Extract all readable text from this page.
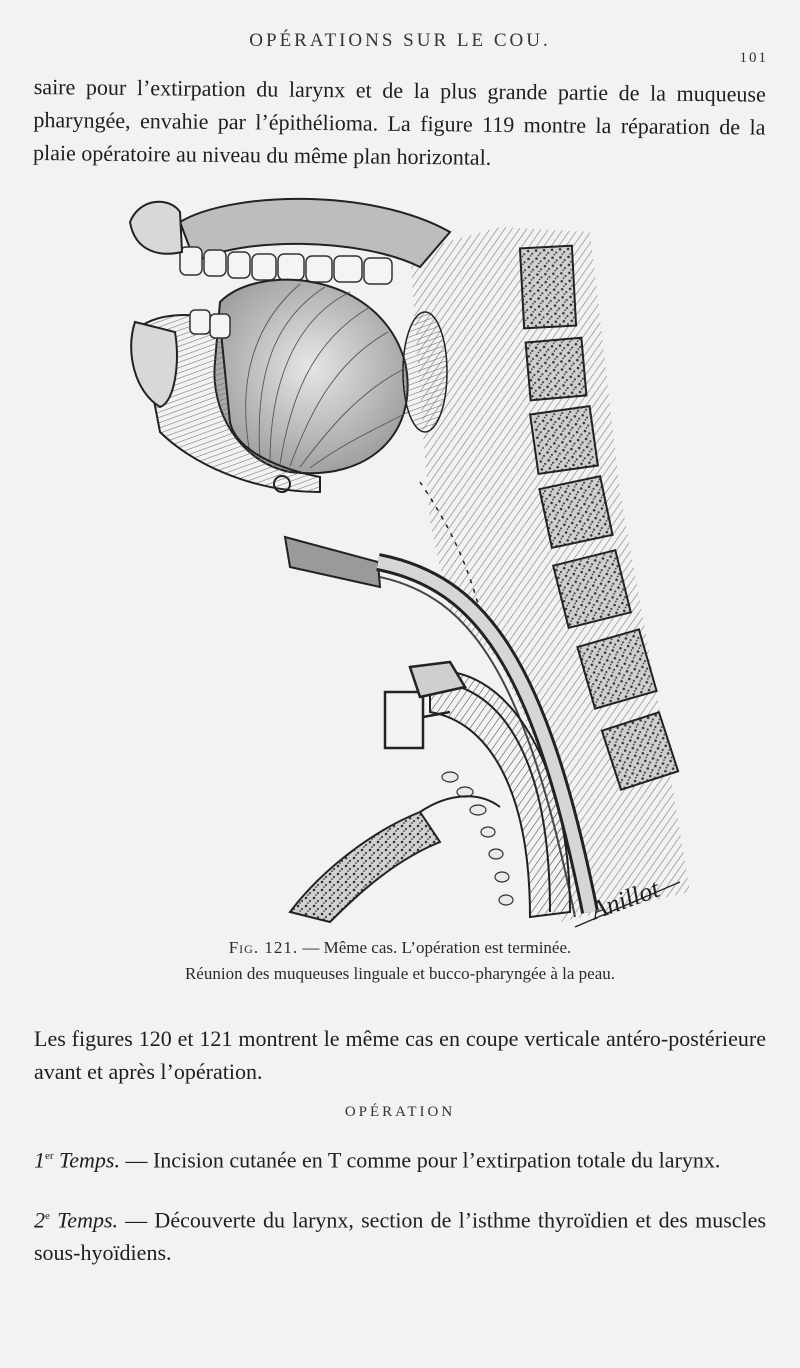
OPÉRATIONS SUR LE COU.
101

saire pour l’extirpation du larynx et de la plus grande partie de la muqueuse pharyngée, envahie par l’épithélioma. La figure 119 montre la réparation de la plaie opératoire au niveau du même plan horizontal.

Anillot
Fig. 121. — Même cas. L’opération est terminée.
Réunion des muqueuses linguale et bucco-pharyngée à la peau.

Les figures 120 et 121 montrent le même cas en coupe verticale antéro-postérieure avant et après l’opération.

OPÉRATION

1er Temps. — Incision cutanée en T comme pour l’extirpation totale du larynx.

2e Temps. — Découverte du larynx, section de l’isthme thyroïdien et des muscles sous-hyoïdiens.
